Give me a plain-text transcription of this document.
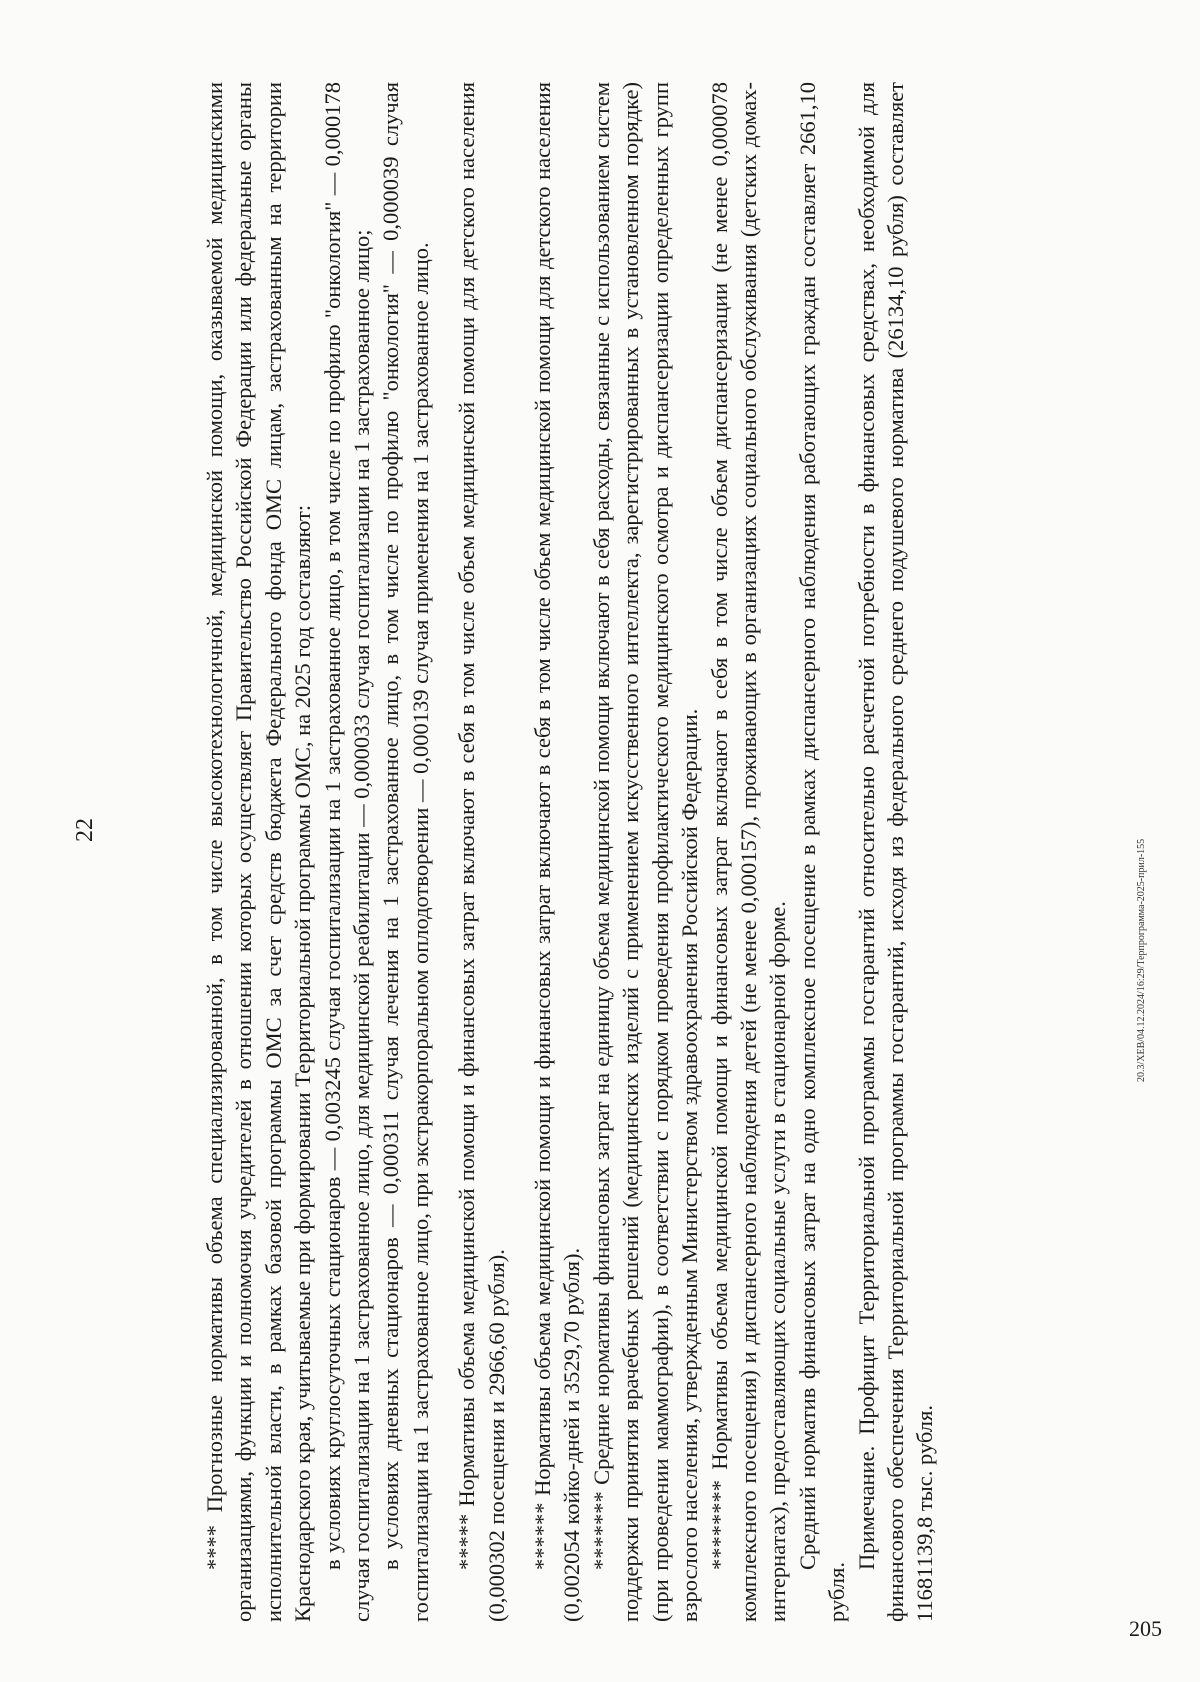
22	**** Прогнозные нормативы объема специализированной, в том числе высокотехнологичной, медицинской помощи, оказываемой медицинскими организациями, функции и полномочия учредителей в отношении которых осуществляет Правительство Российской Федерации или федеральные органы исполнительной власти, в рамках базовой программы ОМС за счет средств бюджета Федерального фонда ОМС лицам, застрахованным на территории Краснодарского края, учитываемые при формировании Территориальной программы ОМС, на 2025 год составляют: в условиях круглосуточных стационаров — 0,003245 случая госпитализации на 1 застрахованное лицо, в том числе по профилю "онкология" — 0,000178 случая госпитализации на 1 застрахованное лицо, для медицинской реабилитации — 0,000033 случая госпитализации на 1 застрахованное лицо; в условиях дневных стационаров — 0,000311 случая лечения на 1 застрахованное лицо, в том числе по профилю "онкология" — 0,000039 случая госпитализации на 1 застрахованное лицо, при экстракорпоральном оплодотворении — 0,000139 случая применения на 1 застрахованное лицо. ***** Нормативы объема медицинской помощи и финансовых затрат включают в себя в том числе объем медицинской помощи для детского населения (0,000302 посещения и 2966,60 рубля). ****** Нормативы объема медицинской помощи и финансовых затрат включают в себя в том числе объем медицинской помощи для детского населения (0,002054 койко-дней и 3529,70 рубля). ******* Средние нормативы финансовых затрат на единицу объема медицинской помощи включают в себя расходы, связанные с использованием систем поддержки принятия врачебных решений (медицинских изделий с применением искусственного интеллекта, зарегистрированных в установленном порядке) (при проведении маммографии), в соответствии с порядком проведения профилактического медицинского осмотра и диспансеризации определенных групп взрослого населения, утвержденным Министерством здравоохранения Российской Федерации. ******** Нормативы объема медицинской помощи и финансовых затрат включают в себя в том числе объем диспансеризации (не менее 0,000078 комплексного посещения) и диспансерного наблюдения детей (не менее 0,000157), проживающих в организациях социального обслуживания (детских домах-интернатах), предоставляющих социальные услуги в стационарной форме. Средний норматив финансовых затрат на одно комплексное посещение в рамках диспансерного наблюдения работающих граждан составляет 2661,10 рубля.

Примечание. Профицит Территориальной программы госгарантий относительно расчетной потребности в финансовых средствах, необходимой для финансового обеспечения Территориальной программы госгарантий, исходя из федерального среднего подушевого норматива (26134,10 рубля) составляет 11681139,8 тыс. рубля.

20.3/XEB/04.12.2024/16:29/Терпрограмма-2025-прил-155
205
